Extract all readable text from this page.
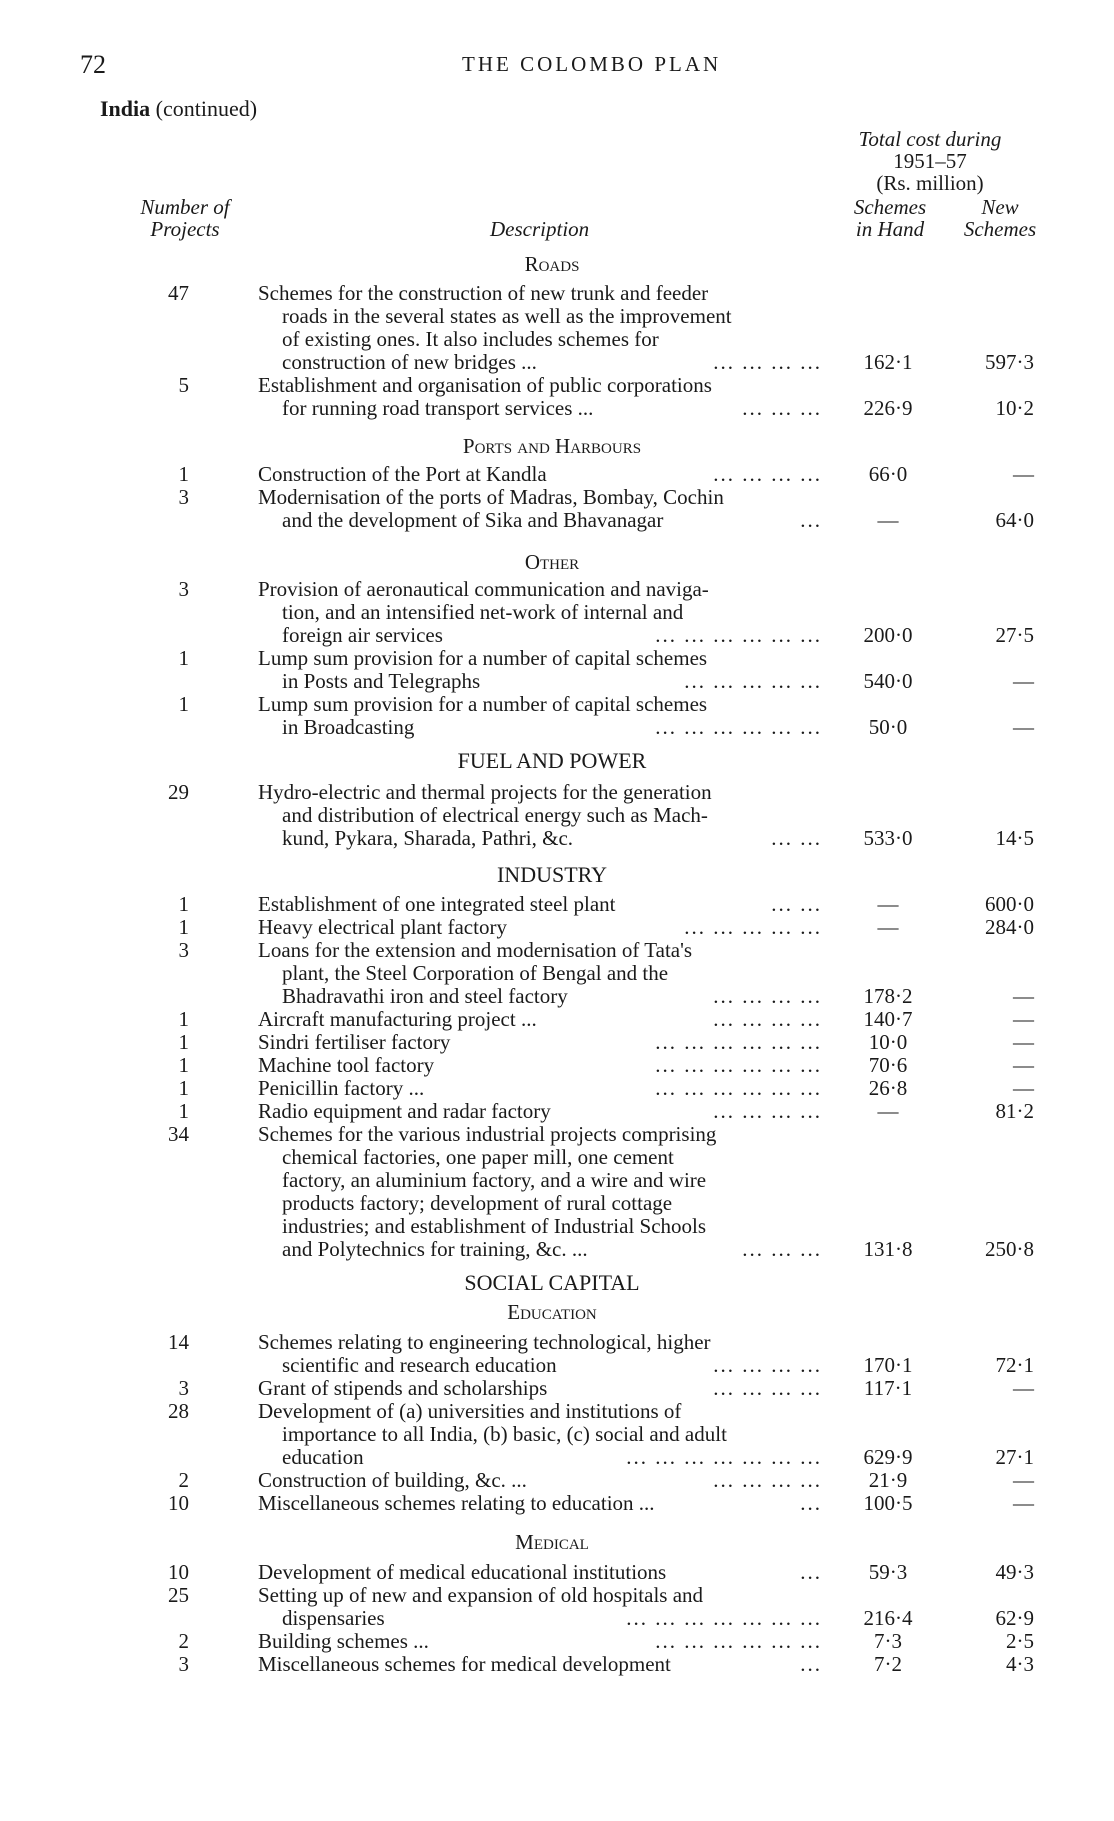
72	THE COLOMBO PLAN
India (continued)
Total cost during
1951–57
(Rs. million)
Number of
Projects	Description
Schemes
in Hand
New
Schemes
Roads
Ports and Harbours
Other
FUEL AND POWER
INDUSTRY
SOCIAL CAPITAL
Education
Medical
47	Schemes for the construction of new trunk and feeder
roads in the several states as well as the improvement
of existing ones. It also includes schemes for
construction of new bridges ...	... ... ... ...	162·1	597·3
5	Establishment and organisation of public corporations
for running road transport services ...	... ... ...	226·9	10·2
1	Construction of the Port at Kandla	... ... ... ...	66·0	—
3	Modernisation of the ports of Madras, Bombay, Cochin
and the development of Sika and Bhavanagar	...	—	64·0
3	Provision of aeronautical communication and naviga-
tion, and an intensified net-work of internal and
foreign air services	... ... ... ... ... ...	200·0	27·5
1	Lump sum provision for a number of capital schemes
in Posts and Telegraphs	... ... ... ... ...	540·0	—
1	Lump sum provision for a number of capital schemes
in Broadcasting	... ... ... ... ... ...	50·0	—
29	Hydro-electric and thermal projects for the generation
and distribution of electrical energy such as Mach-
kund, Pykara, Sharada, Pathri, &c.	... ...	533·0	14·5
1	Establishment of one integrated steel plant	... ...	—	600·0
1	Heavy electrical plant factory	... ... ... ... ...	—	284·0
3	Loans for the extension and modernisation of Tata's
plant, the Steel Corporation of Bengal and the
Bhadravathi iron and steel factory	... ... ... ...	178·2	—
1	Aircraft manufacturing project ...	... ... ... ...	140·7	—
1	Sindri fertiliser factory	... ... ... ... ... ...	10·0	—
1	Machine tool factory	... ... ... ... ... ...	70·6	—
1	Penicillin factory ...	... ... ... ... ... ...	26·8	—
1	Radio equipment and radar factory	... ... ... ...	—	81·2
34	Schemes for the various industrial projects comprising
chemical factories, one paper mill, one cement
factory, an aluminium factory, and a wire and wire
products factory; development of rural cottage
industries; and establishment of Industrial Schools
and Polytechnics for training, &c. ...	... ... ...	131·8	250·8
14	Schemes relating to engineering technological, higher
scientific and research education	... ... ... ...	170·1	72·1
3	Grant of stipends and scholarships	... ... ... ...	117·1	—
28	Development of (a) universities and institutions of
importance to all India, (b) basic, (c) social and adult
education	... ... ... ... ... ... ...	629·9	27·1
2	Construction of building, &c. ...	... ... ... ...	21·9	—
10	Miscellaneous schemes relating to education ...	...	100·5	—
10	Development of medical educational institutions	...	59·3	49·3
25	Setting up of new and expansion of old hospitals and
dispensaries	... ... ... ... ... ... ...	216·4	62·9
2	Building schemes ...	... ... ... ... ... ...	7·3	2·5
3	Miscellaneous schemes for medical development	...	7·2	4·3
